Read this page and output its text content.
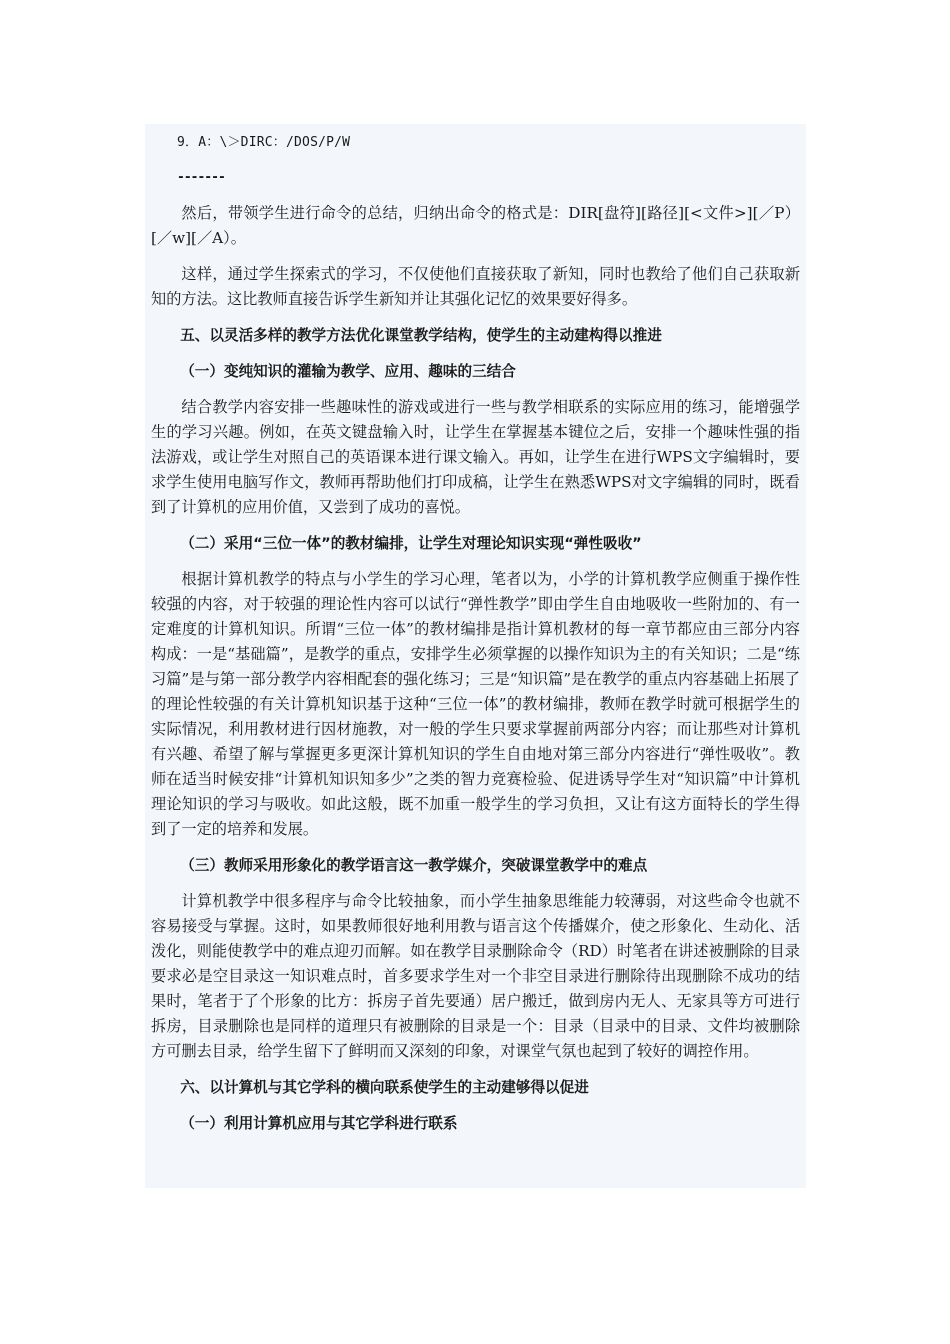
9．A：\＞DIRC：/DOS/P/W

-------

然后，带领学生进行命令的总结，归纳出命令的格式是：DIR[盘符][路径][<文件>][／P）[／w][／A）。

这样，通过学生探索式的学习，不仅使他们直接获取了新知，同时也教给了他们自己获取新知的方法。这比教师直接告诉学生新知并让其强化记忆的效果要好得多。

五、以灵活多样的教学方法优化课堂教学结构，使学生的主动建构得以推进

（一）变纯知识的灌输为教学、应用、趣味的三结合

结合教学内容安排一些趣味性的游戏或进行一些与教学相联系的实际应用的练习，能增强学生的学习兴趣。例如，在英文键盘输入时，让学生在掌握基本键位之后，安排一个趣味性强的指法游戏，或让学生对照自己的英语课本进行课文输入。再如，让学生在进行WPS文字编辑时，要求学生使用电脑写作文，教师再帮助他们打印成稿，让学生在熟悉WPS对文字编辑的同时，既看到了计算机的应用价值，又尝到了成功的喜悦。

（二）采用“三位一体”的教材编排，让学生对理论知识实现“弹性吸收”

根据计算机教学的特点与小学生的学习心理，笔者以为，小学的计算机教学应侧重于操作性较强的内容，对于较强的理论性内容可以试行“弹性教学”即由学生自由地吸收一些附加的、有一定难度的计算机知识。所谓“三位一体”的教材编排是指计算机教材的每一章节都应由三部分内容构成：一是“基础篇”，是教学的重点，安排学生必须掌握的以操作知识为主的有关知识；二是“练习篇”是与第一部分教学内容相配套的强化练习；三是“知识篇”是在教学的重点内容基础上拓展了的理论性较强的有关计算机知识基于这种“三位一体”的教材编排，教师在教学时就可根据学生的实际情况，利用教材进行因材施教，对一般的学生只要求掌握前两部分内容；而让那些对计算机有兴趣、希望了解与掌握更多更深计算机知识的学生自由地对第三部分内容进行“弹性吸收”。教师在适当时候安排“计算机知识知多少”之类的智力竞赛检验、促进诱导学生对“知识篇”中计算机理论知识的学习与吸收。如此这般，既不加重一般学生的学习负担，又让有这方面特长的学生得到了一定的培养和发展。

（三）教师采用形象化的教学语言这一教学媒介，突破课堂教学中的难点

计算机教学中很多程序与命令比较抽象，而小学生抽象思维能力较薄弱，对这些命令也就不容易接受与掌握。这时，如果教师很好地利用教与语言这个传播媒介，使之形象化、生动化、活泼化，则能使教学中的难点迎刃而解。如在教学目录删除命令（RD）时笔者在讲述被删除的目录要求必是空目录这一知识难点时，首多要求学生对一个非空目录进行删除待出现删除不成功的结果时，笔者于了个形象的比方：拆房子首先要通）居户搬迁，做到房内无人、无家具等方可进行拆房，目录删除也是同样的道理只有被删除的目录是一个：目录（目录中的目录、文件均被删除方可删去目录，给学生留下了鲜明而又深刻的印象，对课堂气氛也起到了较好的调控作用。

六、以计算机与其它学科的横向联系使学生的主动建够得以促进

（一）利用计算机应用与其它学科进行联系
